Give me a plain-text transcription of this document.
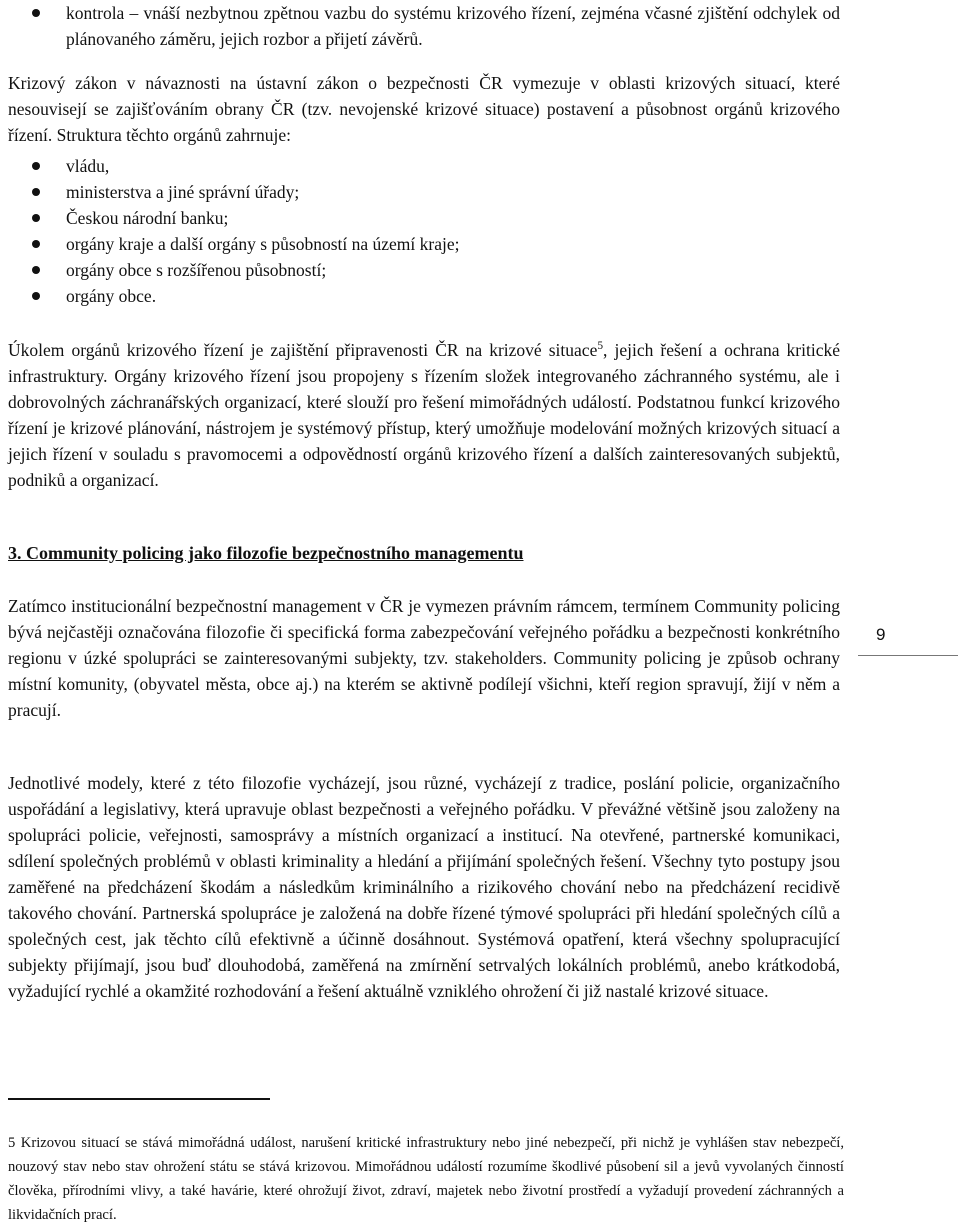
kontrola – vnáší nezbytnou zpětnou vazbu do systému krizového řízení, zejména včasné zjištění odchylek od plánovaného záměru, jejich rozbor a přijetí závěrů.

Krizový zákon v návaznosti na ústavní zákon o bezpečnosti ČR vymezuje v oblasti krizových situací, které nesouvisejí se zajišťováním obrany ČR (tzv. nevojenské krizové situace) postavení a působnost orgánů krizového řízení. Struktura těchto orgánů zahrnuje:

vládu,
ministerstva a jiné správní úřady;
Českou národní banku;
orgány kraje a další orgány s působností na území kraje;
orgány obce s rozšířenou působností;
orgány obce.

Úkolem orgánů krizového řízení je zajištění připravenosti ČR na krizové situace$^5$, jejich řešení a ochrana kritické infrastruktury. Orgány krizového řízení jsou propojeny s řízením složek integrovaného záchranného systému, ale i dobrovolných záchranářských organizací, které slouží pro řešení mimořádných událostí. Podstatnou funkcí krizového řízení je krizové plánování, nástrojem je systémový přístup, který umožňuje modelování možných krizových situací a jejich řízení v souladu s pravomocemi a odpovědností orgánů krizového řízení a dalších zainteresovaných subjektů, podniků a organizací.

3. Community policing jako filozofie bezpečnostního managementu

Zatímco institucionální bezpečnostní management v ČR je vymezen právním rámcem, termínem Community policing bývá nejčastěji označována filozofie či specifická forma zabezpečování veřejného pořádku a bezpečnosti konkrétního regionu v úzké spolupráci se zainteresovanými subjekty, tzv. stakeholders. Community policing je způsob ochrany místní komunity, (obyvatel města, obce aj.) na kterém se aktivně podílejí všichni, kteří region spravují, žijí v něm a pracují.

9

Jednotlivé modely, které z této filozofie vycházejí, jsou různé, vycházejí z tradice, poslání policie, organizačního uspořádání a legislativy, která upravuje oblast bezpečnosti a veřejného pořádku. V převážné většině jsou založeny na spolupráci policie, veřejnosti, samosprávy a místních organizací a institucí. Na otevřené, partnerské komunikaci, sdílení společných problémů v oblasti kriminality a hledání a přijímání společných řešení. Všechny tyto postupy jsou zaměřené na předcházení škodám a následkům kriminálního a rizikového chování nebo na předcházení recidivě takového chování. Partnerská spolupráce je založená na dobře řízené týmové spolupráci při hledání společných cílů a společných cest, jak těchto cílů efektivně a účinně dosáhnout. Systémová opatření, která všechny spolupracující subjekty přijímají, jsou buď dlouhodobá, zaměřená na zmírnění setrvalých lokálních problémů, anebo krátkodobá, vyžadující rychlé a okamžité rozhodování a řešení aktuálně vzniklého ohrožení či již nastalé krizové situace.

5 Krizovou situací se stává mimořádná událost, narušení kritické infrastruktury nebo jiné nebezpečí, při nichž je vyhlášen stav nebezpečí, nouzový stav nebo stav ohrožení státu se stává krizovou. Mimořádnou událostí rozumíme škodlivé působení sil a jevů vyvolaných činností člověka, přírodními vlivy, a také havárie, které ohrožují život, zdraví, majetek nebo životní prostředí a vyžadují provedení záchranných a likvidačních prací.
